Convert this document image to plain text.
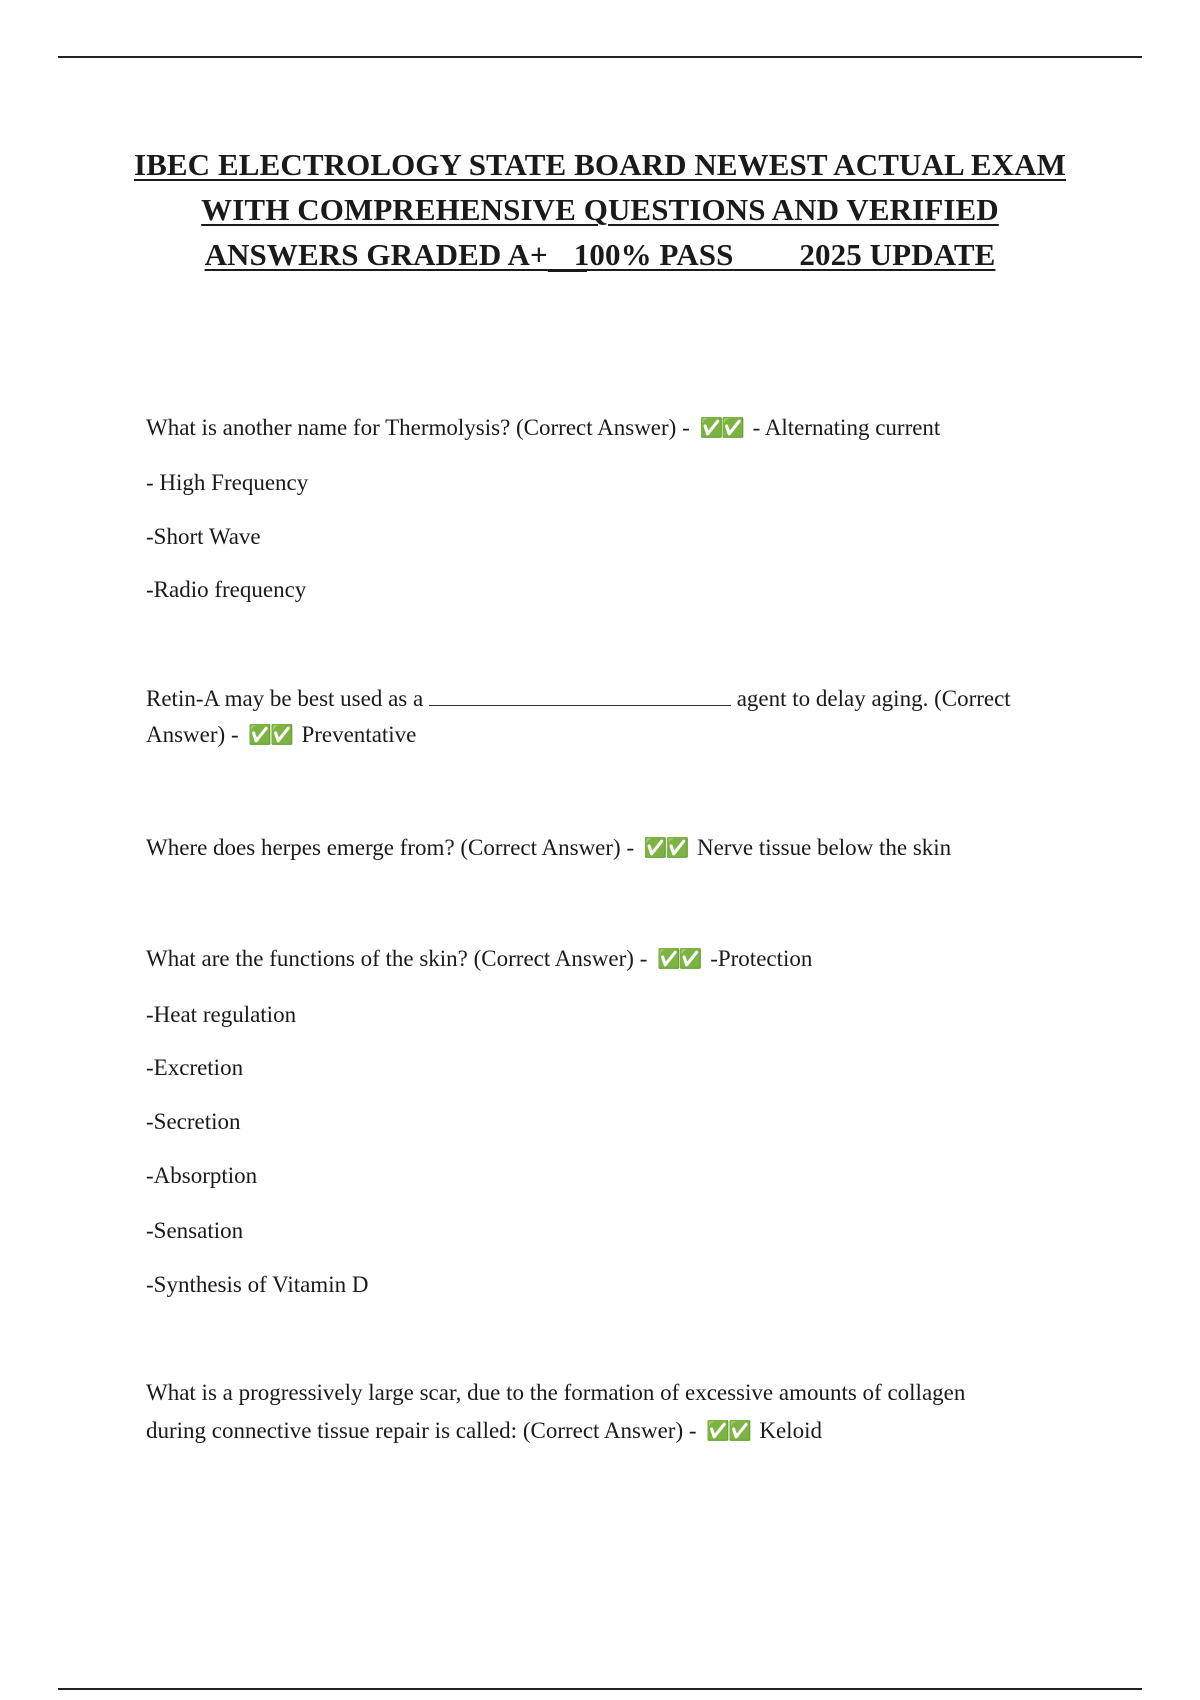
IBEC ELECTROLOGY STATE BOARD NEWEST ACTUAL EXAM
WITH COMPREHENSIVE QUESTIONS AND VERIFIED
ANSWERS GRADED A+ 100% PASS 2025 UPDATE
What is another name for Thermolysis? (Correct Answer) - ✅✅ - Alternating current
- High Frequency
-Short Wave
-Radio frequency
Retin-A may be best used as a	agent to delay aging. (Correct
Answer) - ✅✅ Preventative
Where does herpes emerge from? (Correct Answer) - ✅✅ Nerve tissue below the skin
What are the functions of the skin? (Correct Answer) - ✅✅ -Protection
-Heat regulation
-Excretion
-Secretion
-Absorption
-Sensation
-Synthesis of Vitamin D
What is a progressively large scar, due to the formation of excessive amounts of collagen
during connective tissue repair is called: (Correct Answer) - ✅✅ Keloid
